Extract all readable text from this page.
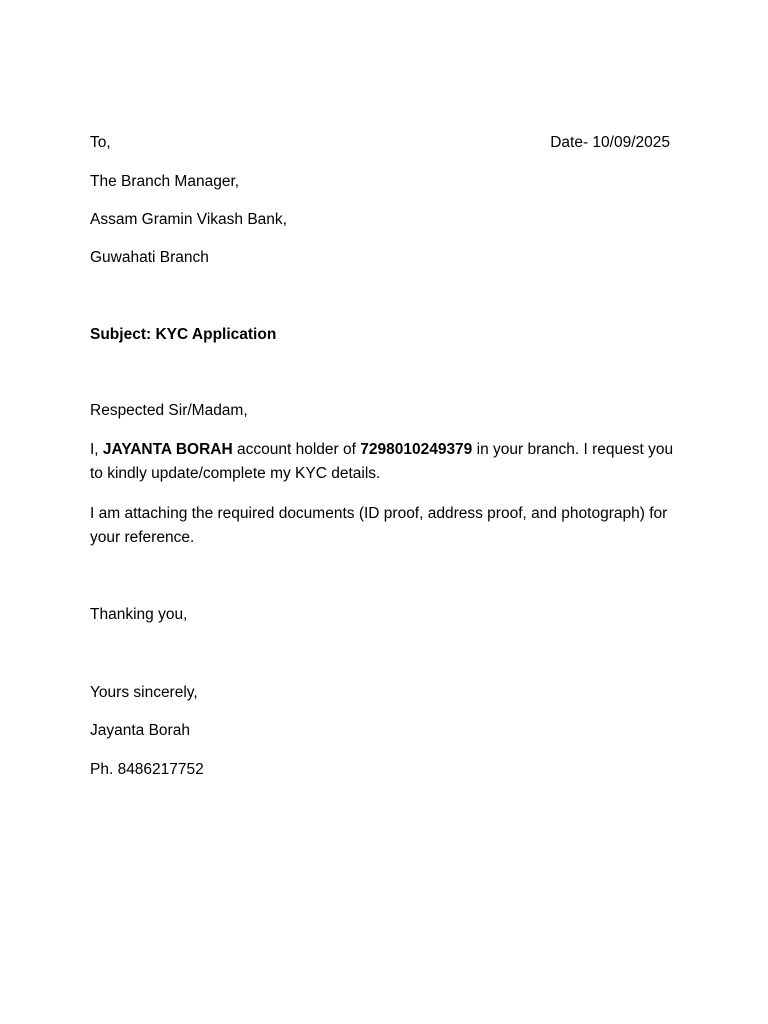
To,	Date- 10/09/2025
The Branch Manager,
Assam Gramin Vikash Bank,
Guwahati Branch
Subject: KYC Application
Respected Sir/Madam,
I, JAYANTA BORAH account holder of 7298010249379 in your branch. I request you to kindly update/complete my KYC details.
I am attaching the required documents (ID proof, address proof, and photograph) for your reference.
Thanking you,
Yours sincerely,
Jayanta Borah
Ph. 8486217752
